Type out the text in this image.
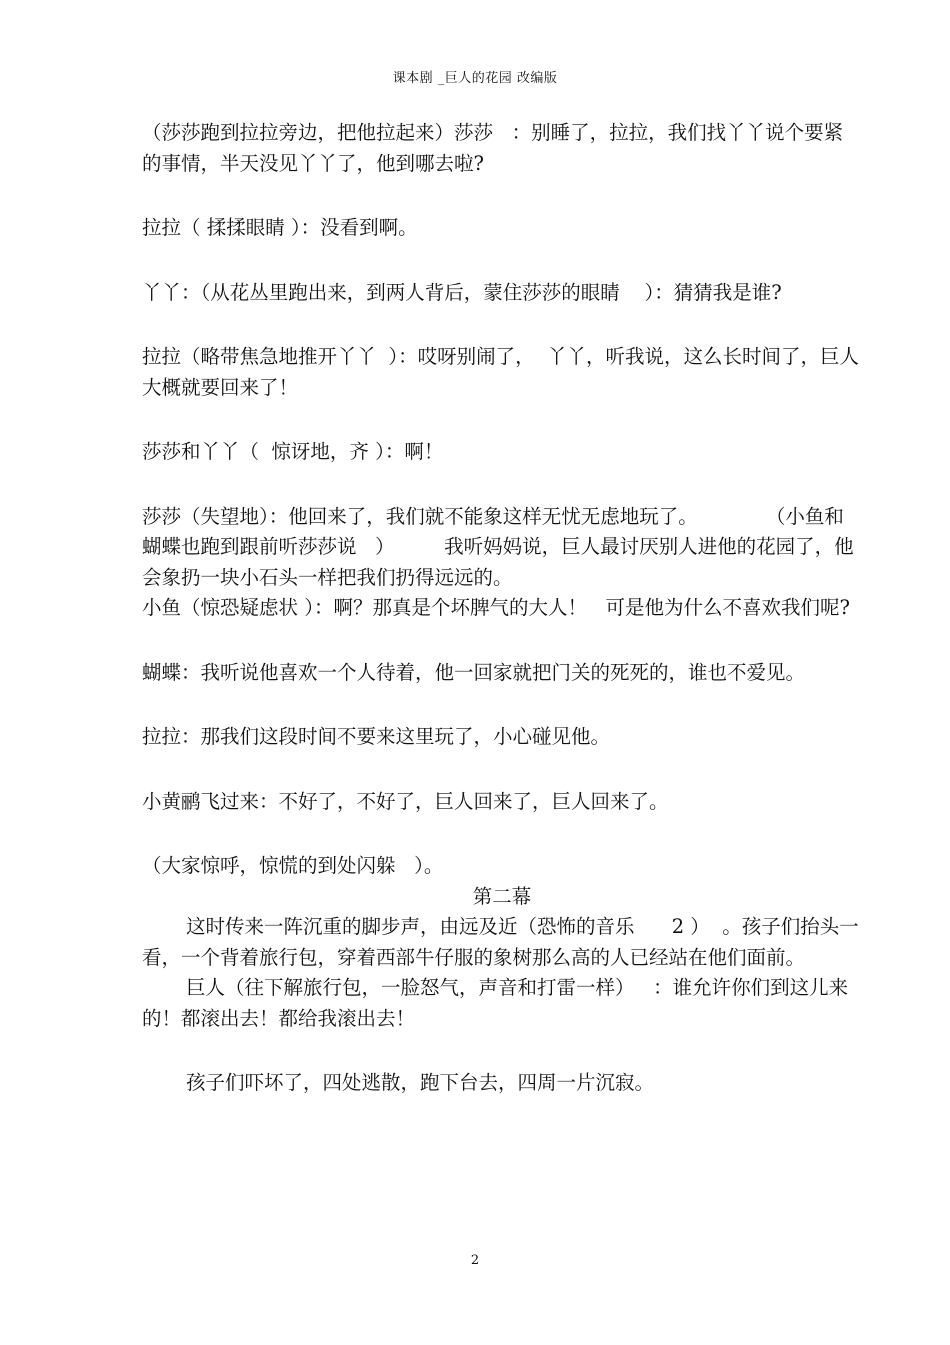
课本剧 _巨人的花园 改编版

（莎莎跑到拉拉旁边，把他拉起来）莎莎   ：别睡了，拉拉，我们找丫丫说个要紧的事情，半天没见丫丫了，他到哪去啦?

拉拉（ 揉揉眼睛 ）：没看到啊。

丫丫：（从花丛里跑出来，到两人背后，蒙住莎莎的眼睛    ）：猜猜我是谁?

拉拉（略带焦急地推开丫丫  ）：哎呀别闹了，  丫丫，听我说，这么长时间了，巨人大概就要回来了！

莎莎和丫丫（  惊讶地，齐 ）：啊！

莎莎（失望地）：他回来了，我们就不能象这样无忧无虑地玩了。           （小鱼和蝴蝶也跑到跟前听莎莎说   ）        我听妈妈说，巨人最讨厌别人进他的花园了，他会象扔一块小石头一样把我们扔得远远的。

小鱼（惊恐疑虑状 ）：啊？那真是个坏脾气的大人！   可是他为什么不喜欢我们呢?

蝴蝶：我听说他喜欢一个人待着，他一回家就把门关的死死的，谁也不爱见。

拉拉：那我们这段时间不要来这里玩了，小心碰见他。

小黄鹂飞过来：不好了，不好了，巨人回来了，巨人回来了。

（大家惊呼，惊慌的到处闪躲   ）。

第二幕

这时传来一阵沉重的脚步声，由远及近（恐怖的音乐      2 ）  。孩子们抬头一看，一个背着旅行包，穿着西部牛仔服的象树那么高的人已经站在他们面前。

巨人（往下解旅行包，一脸怒气，声音和打雷一样）   ：谁允许你们到这儿来的！都滚出去！都给我滚出去！

孩子们吓坏了，四处逃散，跑下台去，四周一片沉寂。

2
